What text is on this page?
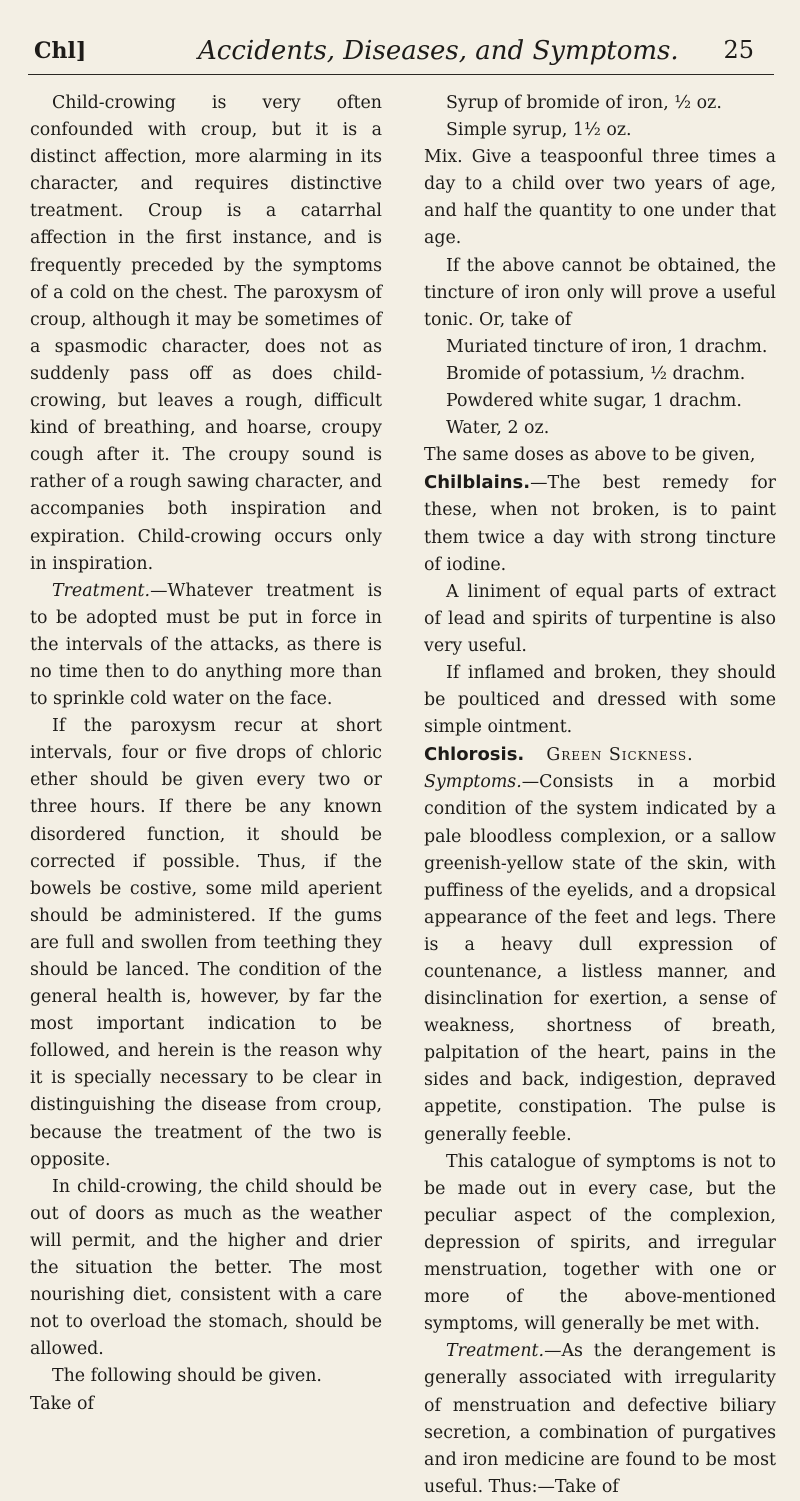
Chl]	Accidents, Diseases, and Symptoms. 25

Child-crowing is very often confounded with croup, but it is a distinct affection, more alarming in its character, and requires distinctive treatment. Croup is a catarrhal affection in the first instance, and is frequently preceded by the symptoms of a cold on the chest. The paroxysm of croup, although it may be sometimes of a spasmodic character, does not as suddenly pass off as does child-crowing, but leaves a rough, difficult kind of breathing, and hoarse, croupy cough after it. The croupy sound is rather of a rough sawing character, and accompanies both inspiration and expiration. Child-crowing occurs only in inspiration.

Treatment.—Whatever treatment is to be adopted must be put in force in the intervals of the attacks, as there is no time then to do anything more than to sprinkle cold water on the face.

If the paroxysm recur at short intervals, four or five drops of chloric ether should be given every two or three hours. If there be any known disordered function, it should be corrected if possible. Thus, if the bowels be costive, some mild aperient should be administered. If the gums are full and swollen from teething they should be lanced. The condition of the general health is, however, by far the most important indication to be followed, and herein is the reason why it is specially necessary to be clear in distinguishing the disease from croup, because the treatment of the two is opposite.

In child-crowing, the child should be out of doors as much as the weather will permit, and the higher and drier the situation the better. The most nourishing diet, consistent with a care not to overload the stomach, should be allowed.

The following should be given.

Take of

Syrup of bromide of iron, ½ oz.

Simple syrup, 1½ oz.

Mix. Give a teaspoonful three times a day to a child over two years of age, and half the quantity to one under that age.

If the above cannot be obtained, the tincture of iron only will prove a useful tonic. Or, take of

Muriated tincture of iron, 1 drachm.

Bromide of potassium, ½ drachm.

Powdered white sugar, 1 drachm.

Water, 2 oz.

The same doses as above to be given,

Chilblains.—The best remedy for these, when not broken, is to paint them twice a day with strong tincture of iodine.

A liniment of equal parts of extract of lead and spirits of turpentine is also very useful.

If inflamed and broken, they should be poulticed and dressed with some simple ointment.

Chlorosis. Green Sickness.

Symptoms.—Consists in a morbid condition of the system indicated by a pale bloodless complexion, or a sallow greenish-yellow state of the skin, with puffiness of the eyelids, and a dropsical appearance of the feet and legs. There is a heavy dull expression of countenance, a listless manner, and disinclination for exertion, a sense of weakness, shortness of breath, palpitation of the heart, pains in the sides and back, indigestion, depraved appetite, constipation. The pulse is generally feeble.

This catalogue of symptoms is not to be made out in every case, but the peculiar aspect of the complexion, depression of spirits, and irregular menstruation, together with one or more of the above-mentioned symptoms, will generally be met with.

Treatment.—As the derangement is generally associated with irregularity of menstruation and defective biliary secretion, a combination of purgatives and iron medicine are found to be most useful. Thus:—Take of
